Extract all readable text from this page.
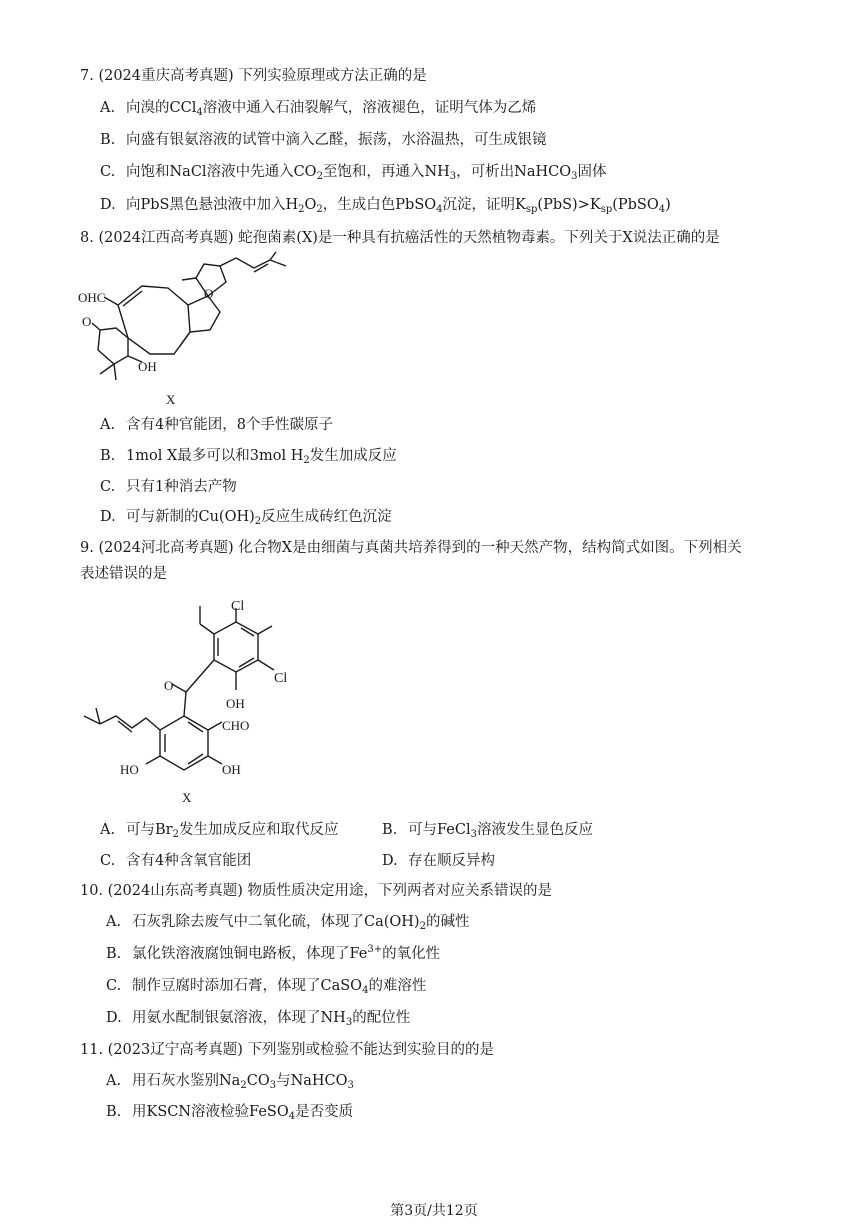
7. (2024重庆高考真题) 下列实验原理或方法正确的是
A. 向溴的CCl$_4$溶液中通入石油裂解气，溶液褪色，证明气体为乙烯
B. 向盛有银氨溶液的试管中滴入乙醛，振荡，水浴温热，可生成银镜
C. 向饱和NaCl溶液中先通入$CO_2$至饱和，再通入$NH_3$，可析出NaHCO$_3$固体
D. 向PbS黑色悬浊液中加入$H_2O_2$，生成白色PbSO$_4$沉淀，证明$K_{sp}(PbS)>K_{sp}(PbSO_4)$
8. (2024江西高考真题) 蛇孢菌素(X)是一种具有抗癌活性的天然植物毒素。下列关于X说法正确的是
OHC
O
O
OH
X
A. 含有4种官能团，8个手性碳原子
B. 1mol X最多可以和3mol $H_2$发生加成反应
C. 只有1种消去产物
D. 可与新制的$Cu(OH)_2$反应生成砖红色沉淀
9. (2024河北高考真题) 化合物X是由细菌与真菌共培养得到的一种天然产物，结构简式如图。下列相关
表述错误的是
O
Cl
Cl
OH
CHO
HO	OH
X
A. 可与$Br_2$发生加成反应和取代反应	B. 可与FeCl$_3$溶液发生显色反应
C. 含有4种含氧官能团	D. 存在顺反异构
10. (2024山东高考真题) 物质性质决定用途，下列两者对应关系错误的是
A. 石灰乳除去废气中二氧化硫，体现了$Ca(OH)_2$的碱性
B. 氯化铁溶液腐蚀铜电路板，体现了$Fe^{3+}$的氧化性
C. 制作豆腐时添加石膏，体现了CaSO$_4$的难溶性
D. 用氨水配制银氨溶液，体现了$NH_3$的配位性
11. (2023辽宁高考真题) 下列鉴别或检验不能达到实验目的的是
A. 用石灰水鉴别$Na_2CO_3$与NaHCO$_3$
B. 用KSCN溶液检验FeSO$_4$是否变质
第3页/共12页
